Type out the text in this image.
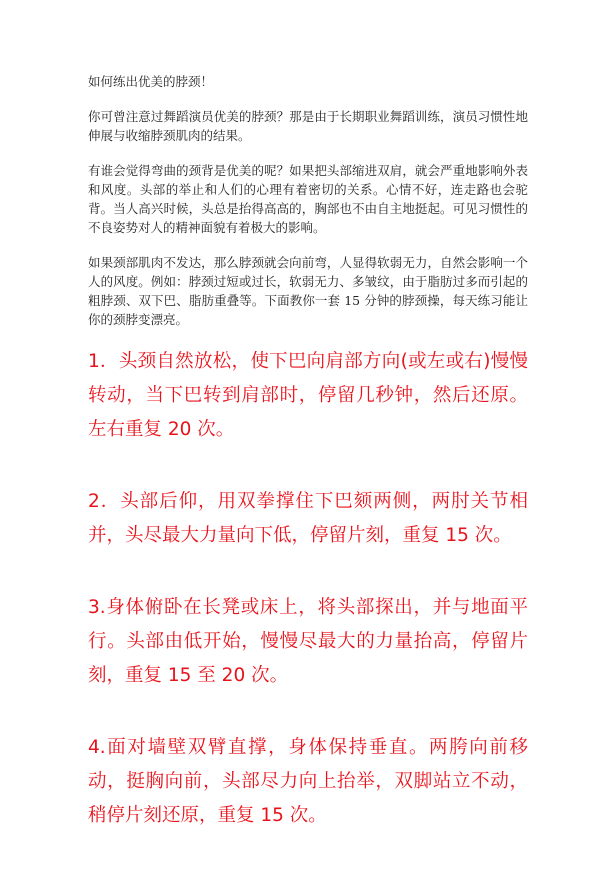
如何练出优美的脖颈！

你可曾注意过舞蹈演员优美的脖颈？那是由于长期职业舞蹈训练，演员习惯性地伸展与收缩脖颈肌肉的结果。

有谁会觉得弯曲的颈背是优美的呢？如果把头部缩进双肩，就会严重地影响外表和风度。头部的举止和人们的心理有着密切的关系。心情不好，连走路也会驼背。当人高兴时候，头总是抬得高高的，胸部也不由自主地挺起。可见习惯性的不良姿势对人的精神面貌有着极大的影响。

如果颈部肌肉不发达，那么脖颈就会向前弯，人显得软弱无力，自然会影响一个人的风度。例如：脖颈过短或过长，软弱无力、多皱纹，由于脂肪过多而引起的粗脖颈、双下巴、脂肪重叠等。下面教你一套 15 分钟的脖颈操，每天练习能让你的颈脖变漂亮。

1．头颈自然放松，使下巴向肩部方向(或左或右)慢慢转动，当下巴转到肩部时，停留几秒钟，然后还原。左右重复 20 次。

2．头部后仰，用双拳撑住下巴颏两侧，两肘关节相并，头尽最大力量向下低，停留片刻，重复 15 次。

3.身体俯卧在长凳或床上，将头部探出，并与地面平行。头部由低开始，慢慢尽最大的力量抬高，停留片刻，重复 15 至 20 次。

4.面对墙壁双臂直撑，身体保持垂直。两胯向前移动，挺胸向前，头部尽力向上抬举，双脚站立不动，稍停片刻还原，重复 15 次。
